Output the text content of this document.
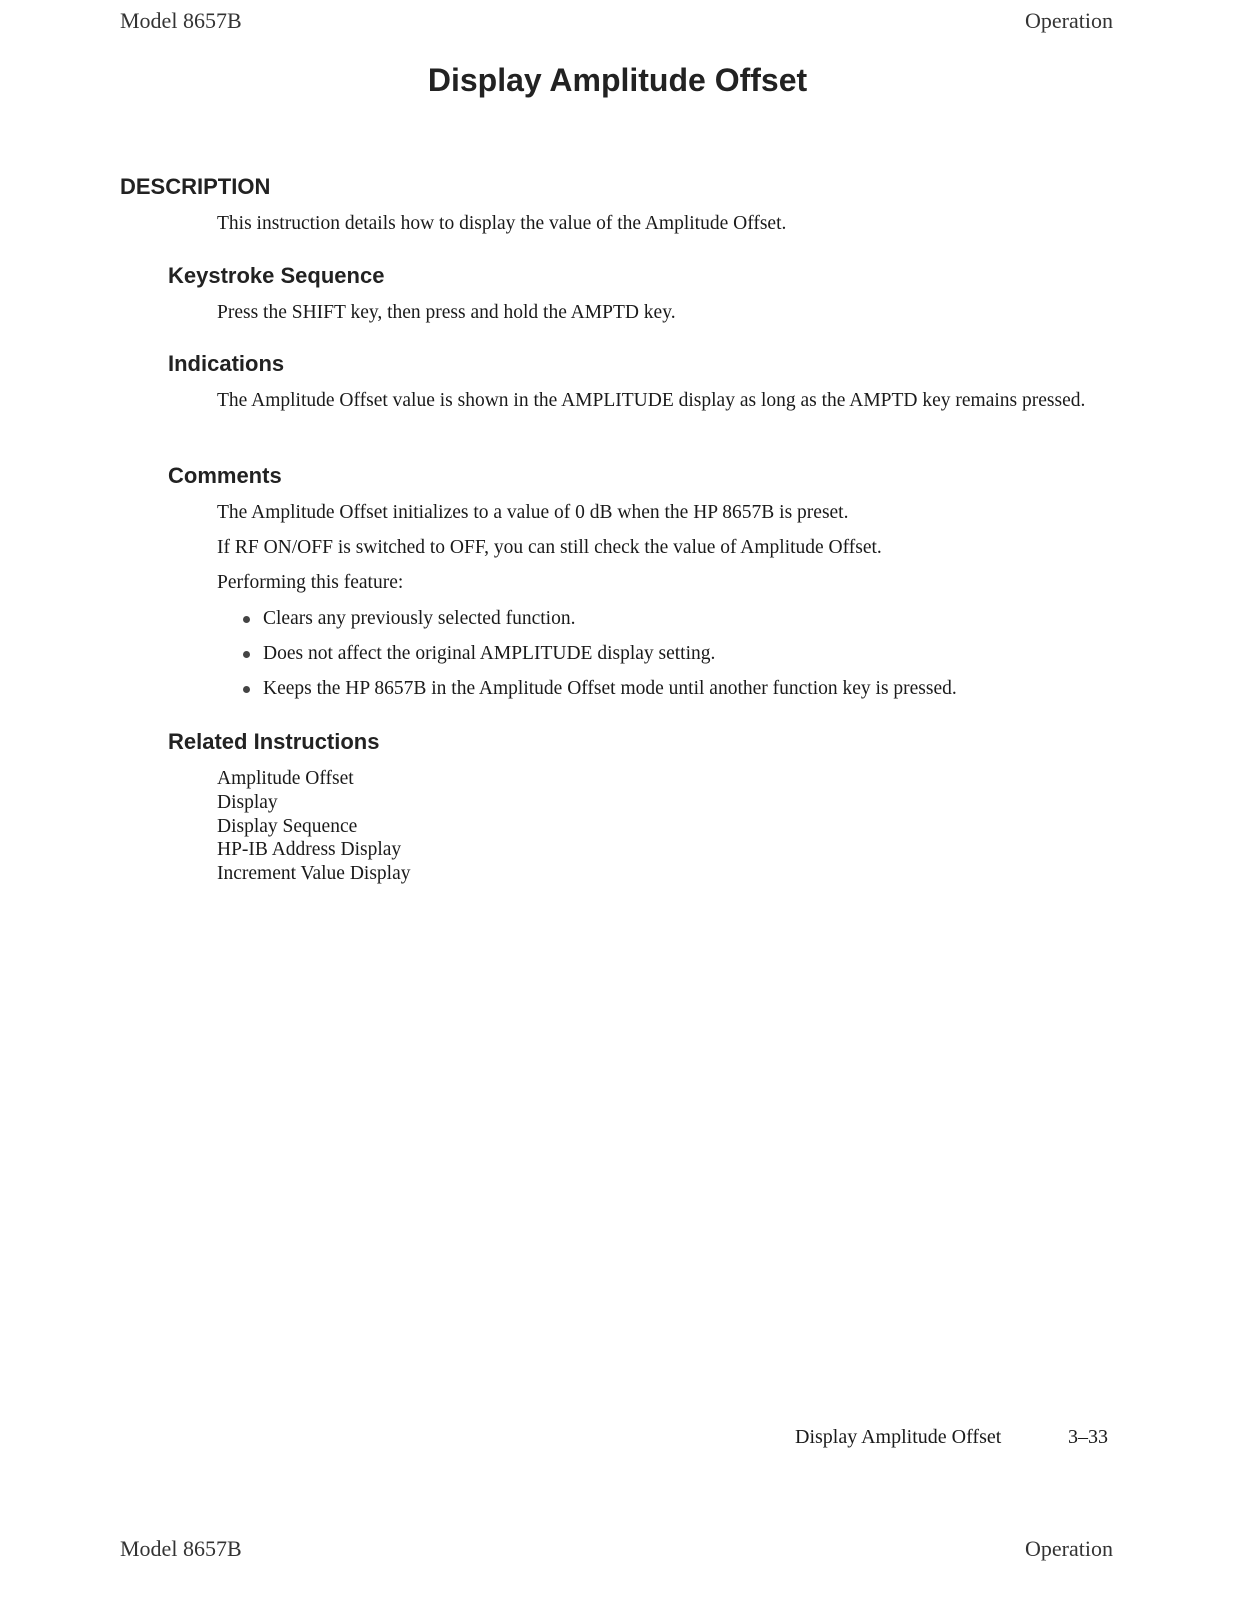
Model 8657B	Operation
Display Amplitude Offset
DESCRIPTION

This instruction details how to display the value of the Amplitude Offset.

Keystroke Sequence

Press the SHIFT key, then press and hold the AMPTD key.

Indications

The Amplitude Offset value is shown in the AMPLITUDE display as long as the AMPTD key remains pressed.

Comments

The Amplitude Offset initializes to a value of 0 dB when the HP 8657B is preset.

If RF ON/OFF is switched to OFF, you can still check the value of Amplitude Offset.

Performing this feature:

Clears any previously selected function.
Does not affect the original AMPLITUDE display setting.
Keeps the HP 8657B in the Amplitude Offset mode until another function key is pressed.
Related Instructions
Amplitude Offset
Display
Display Sequence
HP-IB Address Display
Increment Value Display
Display Amplitude Offset	3–33
Model 8657B	Operation
